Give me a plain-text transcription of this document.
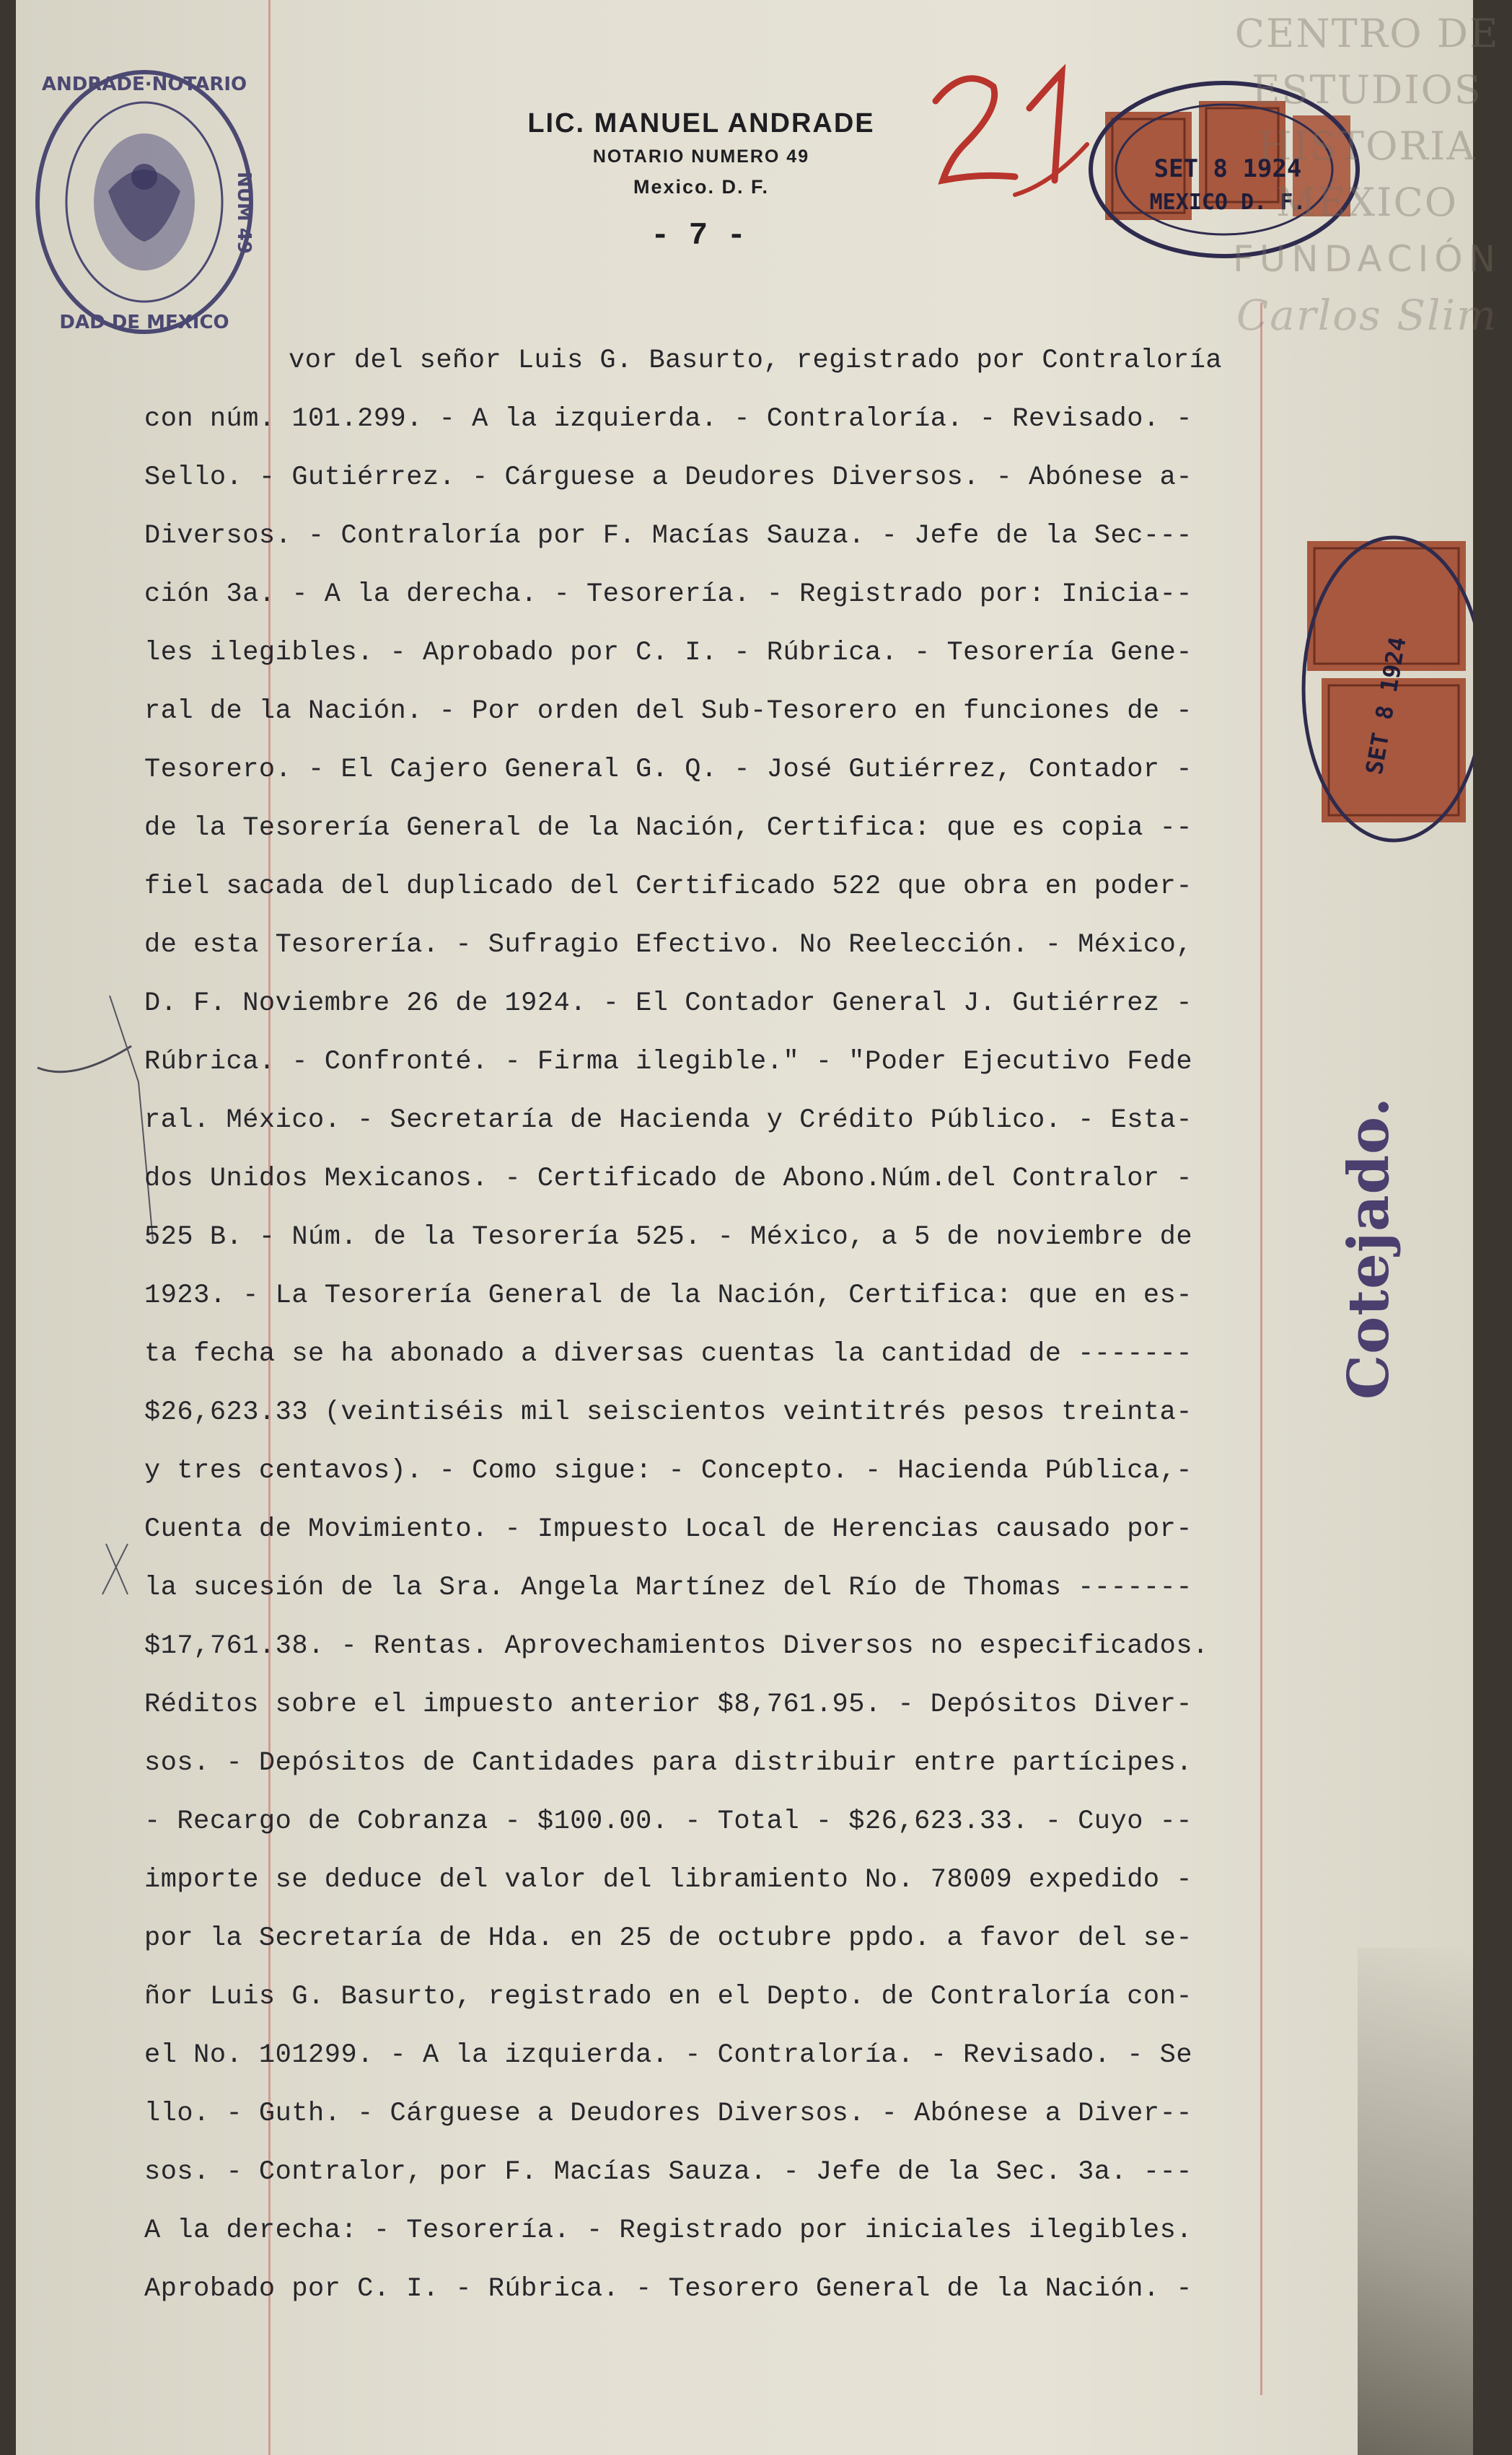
LIC. MANUEL ANDRADE
NOTARIO NUMERO 49
Mexico. D. F.
- 7 -
ANDRADE·NOTARIO
DAD DE MEXICO
NUM 49
SET 8 1924
MEXICO D. F.
SET 8 1924
Cotejado.
vor del señor Luis G. Basurto, registrado por Contraloría
con núm. 101.299. - A la izquierda. - Contraloría. - Revisado. -
Sello. - Gutiérrez. - Cárguese a Deudores Diversos. - Abónese a-
Diversos. - Contraloría por F. Macías Sauza. - Jefe de la Sec---
ción 3a. - A la derecha. - Tesorería. - Registrado por: Inicia--
les ilegibles. - Aprobado por C. I. - Rúbrica. - Tesorería Gene-
ral de la Nación. - Por orden del Sub-Tesorero en funciones de -
Tesorero. - El Cajero General G. Q. - José Gutiérrez, Contador -
de la Tesorería General de la Nación, Certifica: que es copia --
fiel sacada del duplicado del Certificado 522 que obra en poder-
de esta Tesorería. - Sufragio Efectivo. No Reelección. - México,
D. F. Noviembre 26 de 1924. - El Contador General J. Gutiérrez -
Rúbrica. - Confronté. - Firma ilegible." - "Poder Ejecutivo Fede
ral. México. - Secretaría de Hacienda y Crédito Público. - Esta-
dos Unidos Mexicanos. - Certificado de Abono.Núm.del Contralor -
525 B. - Núm. de la Tesorería 525. - México, a 5 de noviembre de
1923. - La Tesorería General de la Nación, Certifica: que en es-
ta fecha se ha abonado a diversas cuentas la cantidad de -------
$26,623.33 (veintiséis mil seiscientos veintitrés pesos treinta-
y tres centavos). - Como sigue: - Concepto. - Hacienda Pública,-
Cuenta de Movimiento. - Impuesto Local de Herencias causado por-
la sucesión de la Sra. Angela Martínez del Río de Thomas -------
$17,761.38. - Rentas. Aprovechamientos Diversos no especificados.
Réditos sobre el impuesto anterior $8,761.95. - Depósitos Diver-
sos. - Depósitos de Cantidades para distribuir entre partícipes.
- Recargo de Cobranza - $100.00. - Total - $26,623.33. - Cuyo --
importe se deduce del valor del libramiento No. 78009 expedido -
por la Secretaría de Hda. en 25 de octubre ppdo. a favor del se-
ñor Luis G. Basurto, registrado en el Depto. de Contraloría con-
el No. 101299. - A la izquierda. - Contraloría. - Revisado. - Se
llo. - Guth. - Cárguese a Deudores Diversos. - Abónese a Diver--
sos. - Contralor, por F. Macías Sauza. - Jefe de la Sec. 3a. ---
A la derecha: - Tesorería. - Registrado por iniciales ilegibles.
Aprobado por C. I. - Rúbrica. - Tesorero General de la Nación. -
CENTRO DE
ESTUDIOS
HISTORIA
MÉXICO
FUNDACIÓN
Carlos Slim
